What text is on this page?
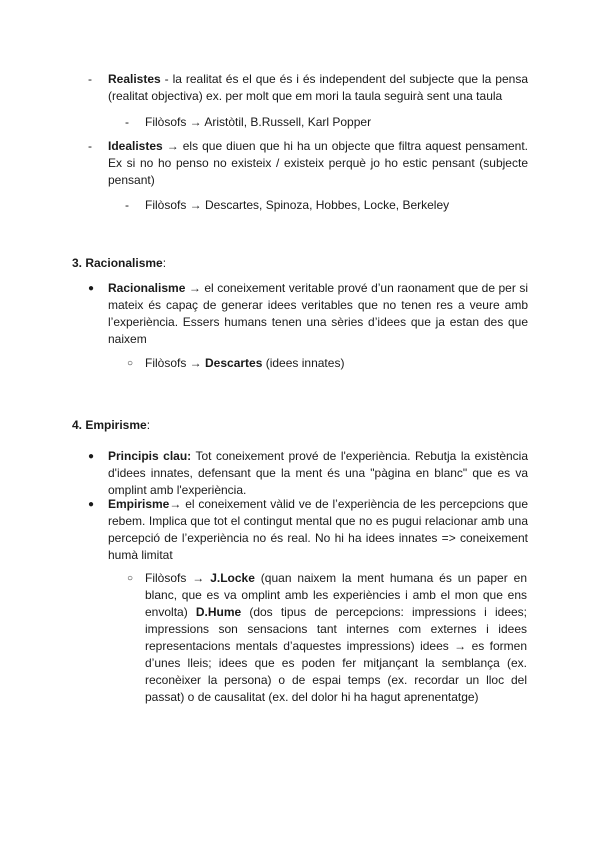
- Realistes - la realitat és el que és i és independent del subjecte que la pensa (realitat objectiva) ex. per molt que em mori la taula seguirà sent una taula
- Filòsofs → Aristòtil, B.Russell, Karl Popper
- Idealistes → els que diuen que hi ha un objecte que filtra aquest pensament. Ex si no ho penso no existeix / existeix perquè jo ho estic pensant (subjecte pensant)
- Filòsofs → Descartes, Spinoza, Hobbes, Locke, Berkeley
3. Racionalisme:
● Racionalisme → el coneixement veritable prové d’un raonament que de per si mateix és capaç de generar idees veritables que no tenen res a veure amb l’experiència. Essers humans tenen una sèries d’idees que ja estan des que naixem
○ Filòsofs → Descartes (idees innates)
4. Empirisme:
● Principis clau: Tot coneixement prové de l'experiència. Rebutja la existència d'idees innates, defensant que la ment és una "pàgina en blanc" que es va omplint amb l'experiència.
● Empirisme→ el coneixement vàlid ve de l’experiència de les percepcions que rebem. Implica que tot el contingut mental que no es pugui relacionar amb una percepció de l’experiència no és real. No hi ha idees innates => coneixement humà limitat
○ Filòsofs → J.Locke (quan naixem la ment humana és un paper en blanc, que es va omplint amb les experiències i amb el mon que ens envolta) D.Hume (dos tipus de percepcions: impressions i idees; impressions son sensacions tant internes com externes i idees representacions mentals d’aquestes impressions) idees → es formen d’unes lleis; idees que es poden fer mitjançant la semblança (ex. reconèixer la persona) o de espai temps (ex. recordar un lloc del passat) o de causalitat (ex. del dolor hi ha hagut aprenentatge)
